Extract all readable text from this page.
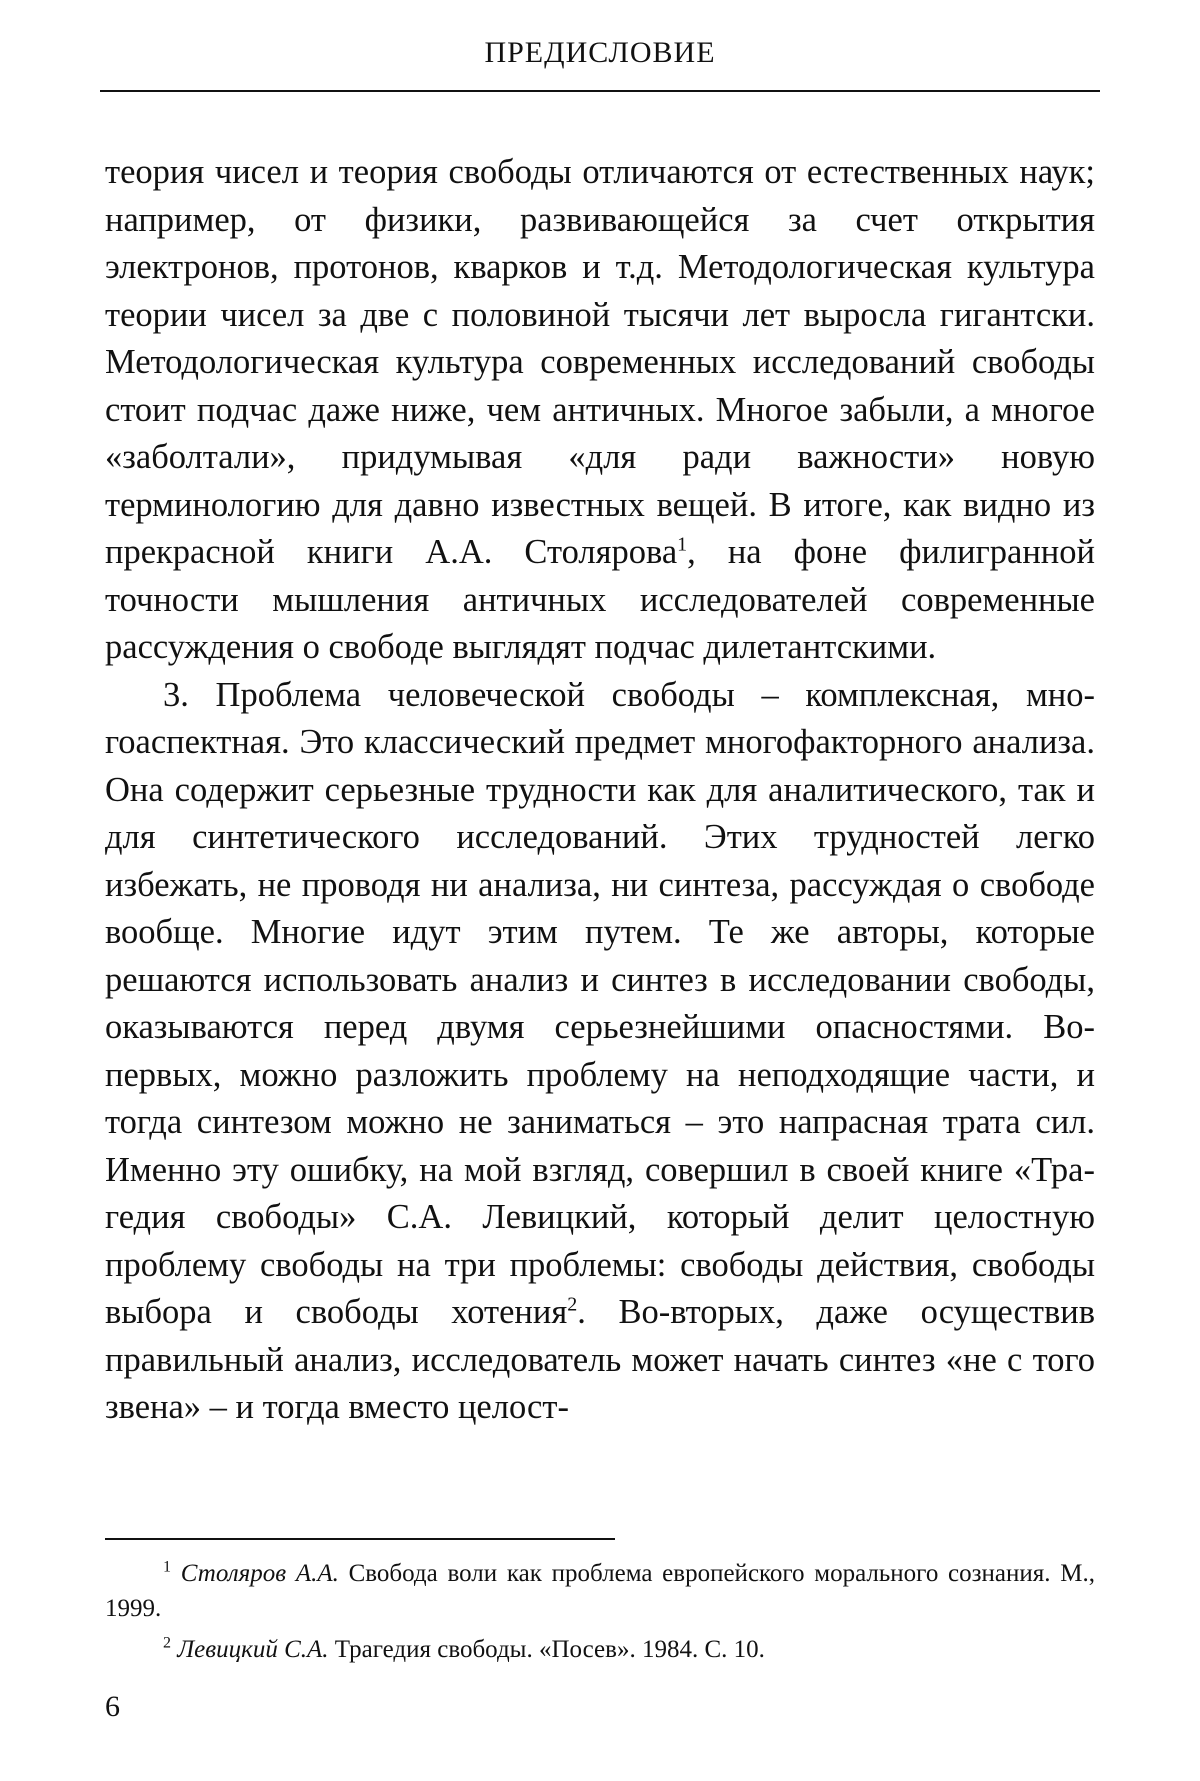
ПРЕДИСЛОВИЕ

теория чисел и теория свободы отличаются от естественных наук; например, от физики, развивающейся за счет открытия электронов, протонов, кварков и т.д. Методологическая культура теории чисел за две с половиной тысячи лет выросла гигантски. Методологическая культура современных исследований свободы стоит подчас даже ниже, чем античных. Многое забыли, а многое «заболтали», придумывая «для ради важности» новую терминологию для давно известных вещей. В итоге, как видно из прекрасной книги А.А. Столярова$^1$, на фоне филигранной точности мышления античных исследователей современные рассуждения о свободе выглядят подчас дилетантскими.

3. Проблема человеческой свободы – комплексная, многоаспектная. Это классический предмет многофакторного анализа. Она содержит серьезные трудности как для аналитического, так и для синтетического исследований. Этих трудностей легко избежать, не проводя ни анализа, ни синтеза, рассуждая о свободе вообще. Многие идут этим путем. Те же авторы, которые решаются использовать анализ и синтез в исследовании свободы, оказываются перед двумя серьезнейшими опасностями. Во-первых, можно разложить проблему на неподходящие части, и тогда синтезом можно не заниматься – это напрасная трата сил. Именно эту ошибку, на мой взгляд, совершил в своей книге «Трагедия свободы» С.А. Левицкий, который делит целостную проблему свободы на три проблемы: свободы действия, свободы выбора и свободы хотения$^2$. Во-вторых, даже осуществив правильный анализ, исследователь может начать синтез «не с того звена» – и тогда вместо целост-

$^1$ Столяров А.А. Свобода воли как проблема европейского морального сознания. М., 1999.

$^2$ Левицкий С.А. Трагедия свободы. «Посев». 1984. С. 10.

6
